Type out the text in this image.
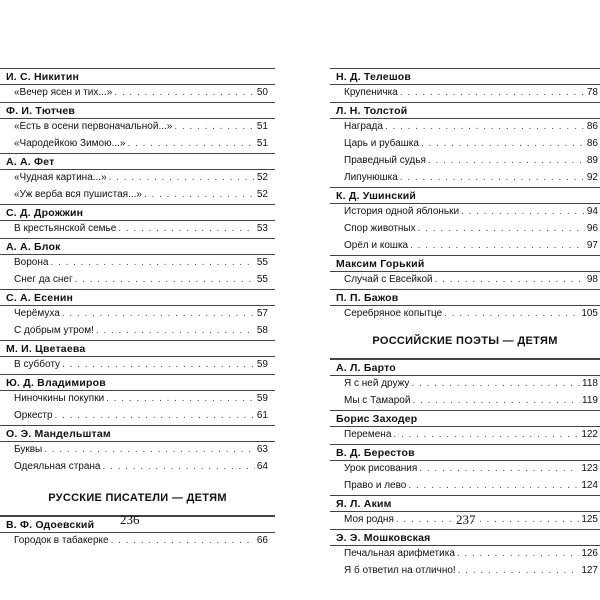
И. С. Никитин
«Вечер ясен и тих...» . . .	50
Ф. И. Тютчев
«Есть в осени первоначальной...» . . .	51
«Чародейкою Зимою...» . . .	51
А. А. Фет
«Чудная картина...» . . .	52
«Уж верба вся пушистая...» . . .	52
С. Д. Дрожжин
В крестьянской семье . . .	53
А. А. Блок
Ворона . . .	55
Снег да снег . . .	55
С. А. Есенин
Черёмуха . . .	57
С добрым утром! . . .	58
М. И. Цветаева
В субботу . . .	59
Ю. Д. Владимиров
Ниночкины покупки . . .	59
Оркестр . . .	61
О. Э. Мандельштам
Буквы . . .	63
Одеяльная страна . . .	64
РУССКИЕ ПИСАТЕЛИ — ДЕТЯМ
В. Ф. Одоевский
Городок в табакерке . . .	66
Н. Д. Телешов
Крупеничка . . .	78
Л. Н. Толстой
Награда . . .	86
Царь и рубашка . . .	86
Праведный судья . . .	89
Липунюшка . . .	92
К. Д. Ушинский
История одной яблоньки . . .	94
Спор животных . . .	96
Орёл и кошка . . .	97
Максим Горький
Случай с Евсейкой . . .	98
П. П. Бажов
Серебряное копытце . . .	105
РОССИЙСКИЕ ПОЭТЫ — ДЕТЯМ
А. Л. Барто
Я с ней дружу . . .	118
Мы с Тамарой . . .	119
Борис Заходер
Перемена . . .	122
В. Д. Берестов
Урок рисования . . .	123
Право и лево . . .	124
Я. Л. Аким
Моя родня . . .	125
Э. Э. Мошковская
Печальная арифметика . . .	126
Я б ответил на отлично! . . .	127
236	237
